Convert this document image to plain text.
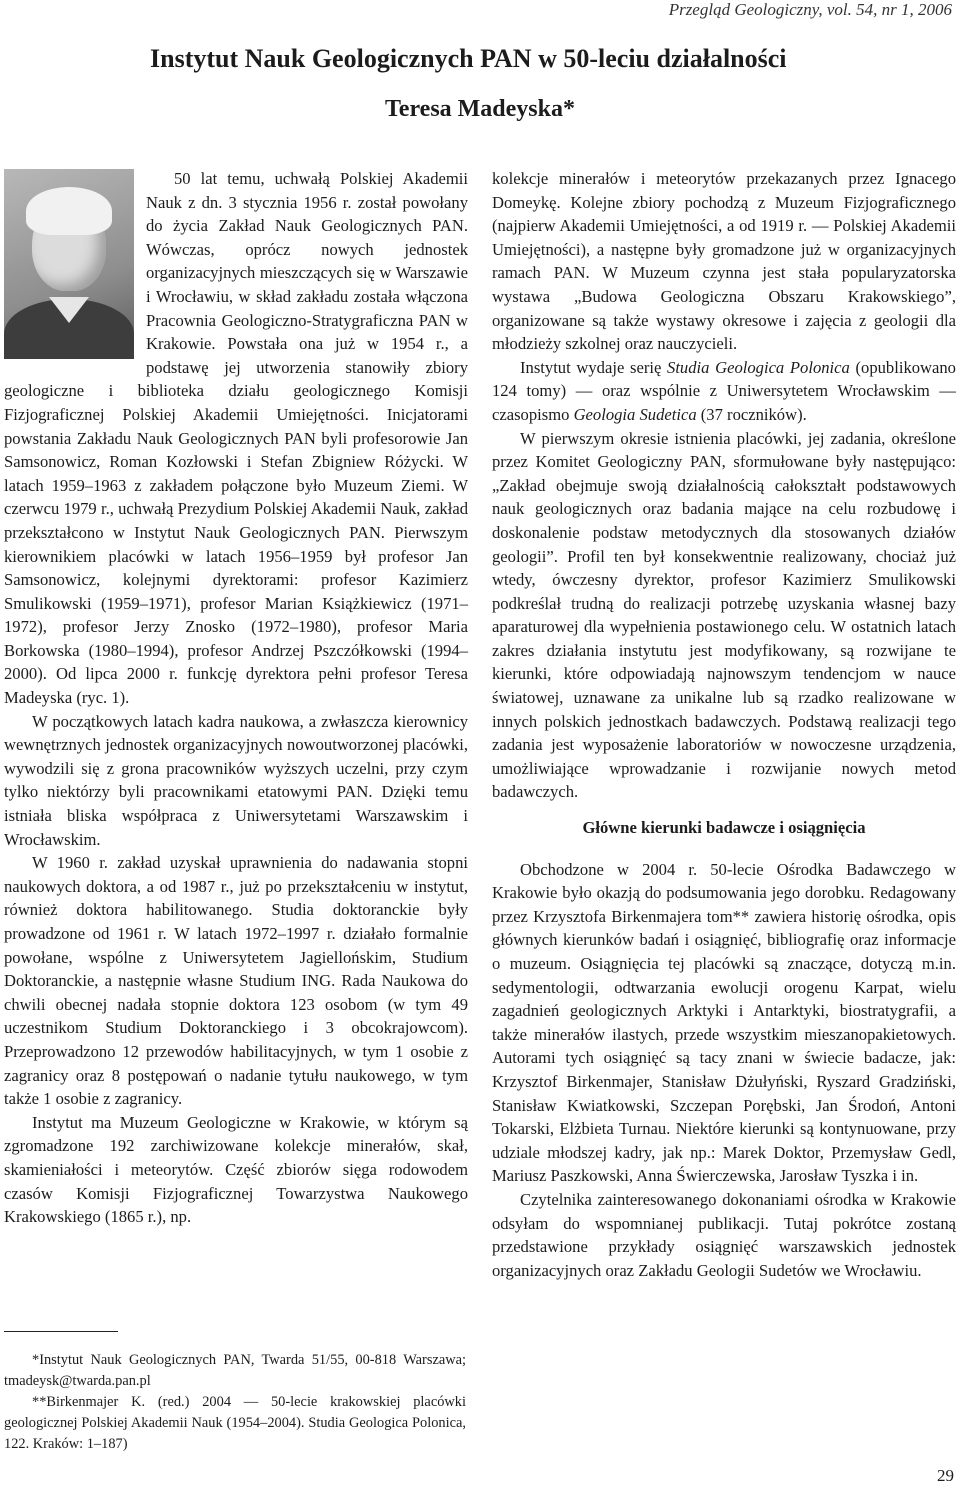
Przegląd Geologiczny, vol. 54, nr 1, 2006
Instytut Nauk Geologicznych PAN w 50-leciu działalności
Teresa Madeyska*

50 lat temu, uchwałą Polskiej Akademii Nauk z dn. 3 stycznia 1956 r. został powołany do życia Zakład Nauk Geologicznych PAN. Wówczas, oprócz nowych jednostek organizacyjnych mieszczących się w Warszawie i Wrocławiu, w skład zakładu została włączona Pracownia Geologiczno-Stratygraficzna PAN w Krakowie. Powstała ona już w 1954 r., a podstawę jej utworzenia stanowiły zbiory geologiczne i biblioteka działu geologicznego Komisji Fizjograficznej Polskiej Akademii Umiejętności. Inicjatorami powstania Zakładu Nauk Geologicznych PAN byli profesorowie Jan Samsonowicz, Roman Kozłowski i Stefan Zbigniew Różycki. W latach 1959–1963 z zakładem połączone było Muzeum Ziemi. W czerwcu 1979 r., uchwałą Prezydium Polskiej Akademii Nauk, zakład przekształcono w Instytut Nauk Geologicznych PAN. Pierwszym kierownikiem placówki w latach 1956–1959 był profesor Jan Samsonowicz, kolejnymi dyrektorami: profesor Kazimierz Smulikowski (1959–1971), profesor Marian Książkiewicz (1971–1972), profesor Jerzy Znosko (1972–1980), profesor Maria Borkowska (1980–1994), profesor Andrzej Pszczółkowski (1994–2000). Od lipca 2000 r. funkcję dyrektora pełni profesor Teresa Madeyska (ryc. 1).

W początkowych latach kadra naukowa, a zwłaszcza kierownicy wewnętrznych jednostek organizacyjnych nowoutworzonej placówki, wywodzili się z grona pracowników wyższych uczelni, przy czym tylko niektórzy byli pracownikami etatowymi PAN. Dzięki temu istniała bliska współpraca z Uniwersytetami Warszawskim i Wrocławskim.

W 1960 r. zakład uzyskał uprawnienia do nadawania stopni naukowych doktora, a od 1987 r., już po przekształceniu w instytut, również doktora habilitowanego. Studia doktoranckie były prowadzone od 1961 r. W latach 1972–1997 r. działało formalnie powołane, wspólne z Uniwersytetem Jagiellońskim, Studium Doktoranckie, a następnie własne Studium ING. Rada Naukowa do chwili obecnej nadała stopnie doktora 123 osobom (w tym 49 uczestnikom Studium Doktoranckiego i 3 obcokrajowcom). Przeprowadzono 12 przewodów habilitacyjnych, w tym 1 osobie z zagranicy oraz 8 postępowań o nadanie tytułu naukowego, w tym także 1 osobie z zagranicy.

Instytut ma Muzeum Geologiczne w Krakowie, w którym są zgromadzone 192 zarchiwizowane kolekcje minerałów, skał, skamieniałości i meteorytów. Część zbiorów sięga rodowodem czasów Komisji Fizjograficznej Towarzystwa Naukowego Krakowskiego (1865 r.), np.

kolekcje minerałów i meteorytów przekazanych przez Ignacego Domeykę. Kolejne zbiory pochodzą z Muzeum Fizjograficznego (najpierw Akademii Umiejętności, a od 1919 r. — Polskiej Akademii Umiejętności), a następne były gromadzone już w organizacyjnych ramach PAN. W Muzeum czynna jest stała popularyzatorska wystawa „Budowa Geologiczna Obszaru Krakowskiego”, organizowane są także wystawy okresowe i zajęcia z geologii dla młodzieży szkolnej oraz nauczycieli.

Instytut wydaje serię Studia Geologica Polonica (opublikowano 124 tomy) — oraz wspólnie z Uniwersytetem Wrocławskim — czasopismo Geologia Sudetica (37 roczników).

W pierwszym okresie istnienia placówki, jej zadania, określone przez Komitet Geologiczny PAN, sformułowane były następująco: „Zakład obejmuje swoją działalnością całokształt podstawowych nauk geologicznych oraz badania mające na celu rozbudowę i doskonalenie podstaw metodycznych dla stosowanych działów geologii”. Profil ten był konsekwentnie realizowany, chociaż już wtedy, ówczesny dyrektor, profesor Kazimierz Smulikowski podkreślał trudną do realizacji potrzebę uzyskania własnej bazy aparaturowej dla wypełnienia postawionego celu. W ostatnich latach zakres działania instytutu jest modyfikowany, są rozwijane te kierunki, które odpowiadają najnowszym tendencjom w nauce światowej, uznawane za unikalne lub są rzadko realizowane w innych polskich jednostkach badawczych. Podstawą realizacji tego zadania jest wyposażenie laboratoriów w nowoczesne urządzenia, umożliwiające wprowadzanie i rozwijanie nowych metod badawczych.

Główne kierunki badawcze i osiągnięcia

Obchodzone w 2004 r. 50-lecie Ośrodka Badawczego w Krakowie było okazją do podsumowania jego dorobku. Redagowany przez Krzysztofa Birkenmajera tom** zawiera historię ośrodka, opis głównych kierunków badań i osiągnięć, bibliografię oraz informacje o muzeum. Osiągnięcia tej placówki są znaczące, dotyczą m.in. sedymentologii, odtwarzania ewolucji orogenu Karpat, wielu zagadnień geologicznych Arktyki i Antarktyki, biostratygrafii, a także minerałów ilastych, przede wszystkim mieszanopakietowych. Autorami tych osiągnięć są tacy znani w świecie badacze, jak: Krzysztof Birkenmajer, Stanisław Dżułyński, Ryszard Gradziński, Stanisław Kwiatkowski, Szczepan Porębski, Jan Środoń, Antoni Tokarski, Elżbieta Turnau. Niektóre kierunki są kontynuowane, przy udziale młodszej kadry, jak np.: Marek Doktor, Przemysław Gedl, Mariusz Paszkowski, Anna Świerczewska, Jarosław Tyszka i in.

Czytelnika zainteresowanego dokonaniami ośrodka w Krakowie odsyłam do wspomnianej publikacji. Tutaj pokrótce zostaną przedstawione przykłady osiągnięć warszawskich jednostek organizacyjnych oraz Zakładu Geologii Sudetów we Wrocławiu.

*Instytut Nauk Geologicznych PAN, Twarda 51/55, 00-818 Warszawa; tmadeysk@twarda.pan.pl

**Birkenmajer K. (red.) 2004 — 50-lecie krakowskiej placówki geologicznej Polskiej Akademii Nauk (1954–2004). Studia Geologica Polonica, 122. Kraków: 1–187)

29
